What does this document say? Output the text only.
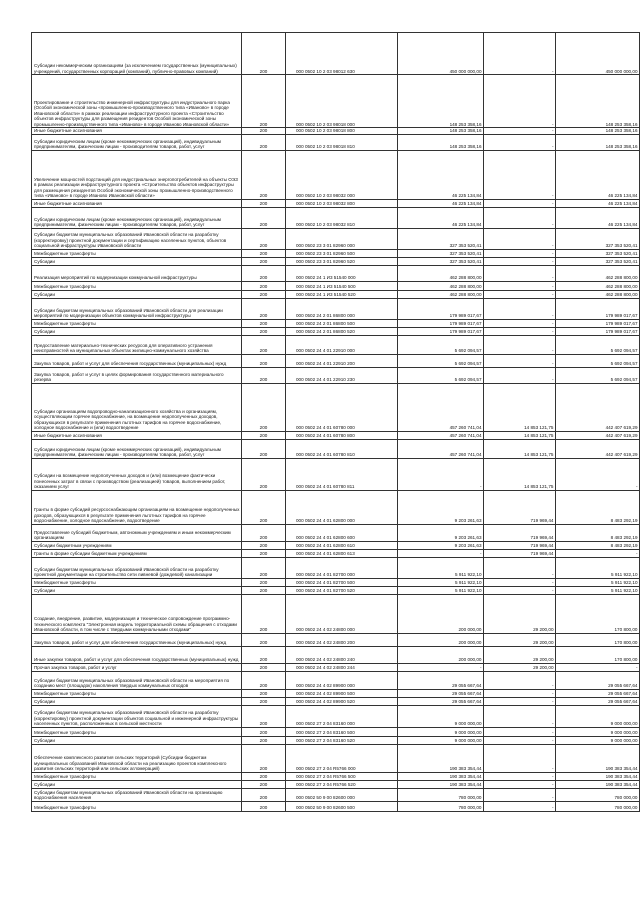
Субсидии некоммерческим организациям (за исключением государственных (муниципальных) учреждений, государственных корпораций (компаний), публично-правовых компаний)	200	000 0502 10 2 03 98012 630	450 000 000,00	-	450 000 000,00
Проектирование и строительство инженерной инфраструктуры для индустриального парка (Особой экономической зоны «промышленно-производственного типа «Иваново» в городе Ивановской области» в рамках реализации инфраструктурного проекта «Строительство объектов инфраструктуры для размещения резидентов Особой экономической зоны промышленно-производственного типа «Иваново» в городе Иваново Ивановской области»	200	000 0502 10 2 03 98018 000	148 253 358,16	-	148 253 358,16
Иные бюджетные ассигнования	200	000 0502 10 2 03 98018 800	148 253 358,16	-	148 253 358,16
Субсидии юридическим лицам (кроме некоммерческих организаций), индивидуальным предпринимателям, физическим лицам - производителям товаров, работ, услуг	200	000 0502 10 2 03 98018 810	148 253 358,16	-	148 253 358,16
Увеличение мощностей подстанций для индустриальных энергопотребителей на объекты ОЭЗ в рамках реализации инфраструктурного проекта «Строительство объектов инфраструктуры для размещения резидентов Особой экономической зоны промышленно-производственного типа «Иваново» в городе Иваново Ивановской области»	200	000 0502 10 2 03 98032 000	46 225 134,84	-	46 225 134,84
Иные бюджетные ассигнования	200	000 0502 10 2 03 98032 800	46 225 134,84	-	46 225 134,84
Субсидии юридическим лицам (кроме некоммерческих организаций), индивидуальным предпринимателям, физическим лицам - производителям товаров, работ, услуг	200	000 0502 10 2 03 98032 810	46 225 134,84	-	46 225 134,84
Субсидии бюджетам муниципальных образований Ивановской области на разработку (корректировку) проектной документации и сертификацию населенных пунктов, объектов социальной инфраструктуры Ивановской области	200	000 0502 23 3 01 82960 000	327 353 520,41	-	327 353 520,41
Межбюджетные трансферты	200	000 0502 23 3 01 82960 500	327 353 520,41	-	327 353 520,41
Субсидии	200	000 0502 23 3 01 82960 520	327 353 520,41	-	327 353 520,41
Реализация мероприятий по модернизации коммунальной инфраструктуры	200	000 0502 24 1 И3 51540 000	462 288 800,00	-	462 288 800,00
Межбюджетные трансферты	200	000 0502 24 1 И3 51540 500	462 288 800,00	-	462 288 800,00
Субсидии	200	000 0502 24 1 И3 51540 520	462 288 800,00	-	462 288 800,00
Субсидии бюджетам муниципальных образований Ивановской области для реализации мероприятий по модернизации объектов коммунальной инфраструктуры	200	000 0502 24 2 01 86800 000	179 989 017,67	-	179 989 017,67
Межбюджетные трансферты	200	000 0502 24 2 01 86800 500	179 989 017,67	-	179 989 017,67
Субсидии	200	000 0502 24 2 01 86800 520	179 989 017,67	-	179 989 017,67
Предоставление материально-технических ресурсов для оперативного устранения неисправностей на муниципальных объектах жилищно-коммунального хозяйства	200	000 0502 24 4 01 22910 000	5 692 094,57	-	5 692 094,57
Закупка товаров, работ и услуг для обеспечения государственных (муниципальных) нужд	200	000 0502 24 4 01 22910 200	5 692 094,57	-	5 692 094,57
Закупка товаров, работ и услуг в целях формирования государственного материального резерва	200	000 0502 24 4 01 22910 230	5 692 094,57	-	5 692 094,57
Субсидии организациям водопроводно-канализационного хозяйства и организациям, осуществляющим горячее водоснабжение, на возмещение недополученных доходов, образующихся в результате применения льготных тарифов на горячее водоснабжение, холодное водоснабжение и (или) водоотведение	200	000 0502 24 4 01 60780 000	457 260 741,04	14 853 121,75	442 407 619,29
Иные бюджетные ассигнования	200	000 0502 24 4 01 60780 800	457 260 741,04	14 853 121,75	442 407 619,29
Субсидии юридическим лицам (кроме некоммерческих организаций), индивидуальным предпринимателям, физическим лицам - производителям товаров, работ, услуг	200	000 0502 24 4 01 60780 810	457 260 741,04	14 853 121,75	442 407 619,29
Субсидии на возмещение недополученных доходов и (или) возмещение фактически понесенных затрат в связи с производством (реализацией) товаров, выполнением работ, оказанием услуг	200	000 0502 24 4 01 60780 811	-	14 853 121,75	-
Гранты в форме субсидий ресурсоснабжающим организациям на возмещение недополученных доходов, образующихся в результате применения льготных тарифов на горячее водоснабжение, холодное водоснабжение, водоотведение	200	000 0502 24 4 01 62800 000	9 203 261,63	719 969,44	8 483 292,19
Предоставление субсидий бюджетным, автономным учреждениям и иным некоммерческим организациям	200	000 0502 24 4 01 62800 600	9 203 261,63	719 969,44	8 483 292,19
Субсидии бюджетным учреждениям	200	000 0502 24 4 01 62800 610	9 203 261,63	719 969,44	8 483 292,19
Гранты в форме субсидии бюджетным учреждениям	200	000 0502 24 4 01 62800 613	-	719 969,44	-
Субсидии бюджетам муниципальных образований Ивановской области на разработку проектной документации на строительство сети ливневой (дождевой) канализации	200	000 0502 24 4 01 82700 000	5 911 922,10	-	5 911 922,10
Межбюджетные трансферты	200	000 0502 24 4 01 82700 500	5 911 922,10	-	5 911 922,10
Субсидии	200	000 0502 24 4 01 82700 520	5 911 922,10	-	5 911 922,10
Создание, внедрение, развитие, модернизация и техническое сопровождение программно-технического комплекта "Электронная модель территориальной схемы обращения с отходами Ивановской области, в том числе с твердыми коммунальными отходами"	200	000 0502 24 4 02 24800 000	200 000,00	29 200,00	170 800,00
Закупка товаров, работ и услуг для обеспечения государственных (муниципальных) нужд	200	000 0502 24 4 02 24800 200	200 000,00	29 200,00	170 800,00
Иные закупки товаров, работ и услуг для обеспечения государственных (муниципальных) нужд	200	000 0502 24 4 02 24800 240	200 000,00	29 200,00	170 800,00
Прочая закупка товаров, работ и услуг	200	000 0502 24 4 02 24800 244	-	29 200,00	-
Субсидии бюджетам муниципальных образований Ивановской области на мероприятия по созданию мест (площадок) накопления твердых коммунальных отходов	200	000 0502 24 4 02 89900 000	29 055 667,64	-	29 055 667,64
Межбюджетные трансферты	200	000 0502 24 4 02 89900 500	29 055 667,64	-	29 055 667,64
Субсидии	200	000 0502 24 4 02 89900 520	29 055 667,64	-	29 055 667,64
Субсидии бюджетам муниципальных образований Ивановской области на разработку (корректировку) проектной документации объектов социальной и инженерной инфраструктуры населенных пунктов, расположенных в сельской местности	200	000 0502 27 2 04 83160 000	9 000 000,00	-	9 000 000,00
Межбюджетные трансферты	200	000 0502 27 2 04 83160 500	9 000 000,00	-	9 000 000,00
Субсидии	200	000 0502 27 2 04 83160 520	9 000 000,00	-	9 000 000,00
Обеспечение комплексного развития сельских территорий (Субсидии бюджетам муниципальных образований Ивановской области на реализацию проектов комплексного развития сельских территорий или сельских агломераций)	200	000 0502 27 2 04 R5766 000	190 383 354,44	-	190 383 354,44
Межбюджетные трансферты	200	000 0502 27 2 04 R5766 500	190 383 354,44	-	190 383 354,44
Субсидии	200	000 0502 27 2 04 R5766 520	190 383 354,44	-	190 383 354,44
Субсидии бюджетам муниципальных образований Ивановской области на организацию водоснабжения населения	200	000 0502 50 9 00 82600 000	780 000,00	-	780 000,00
Межбюджетные трансферты	200	000 0502 50 9 00 82600 500	780 000,00	-	780 000,00
